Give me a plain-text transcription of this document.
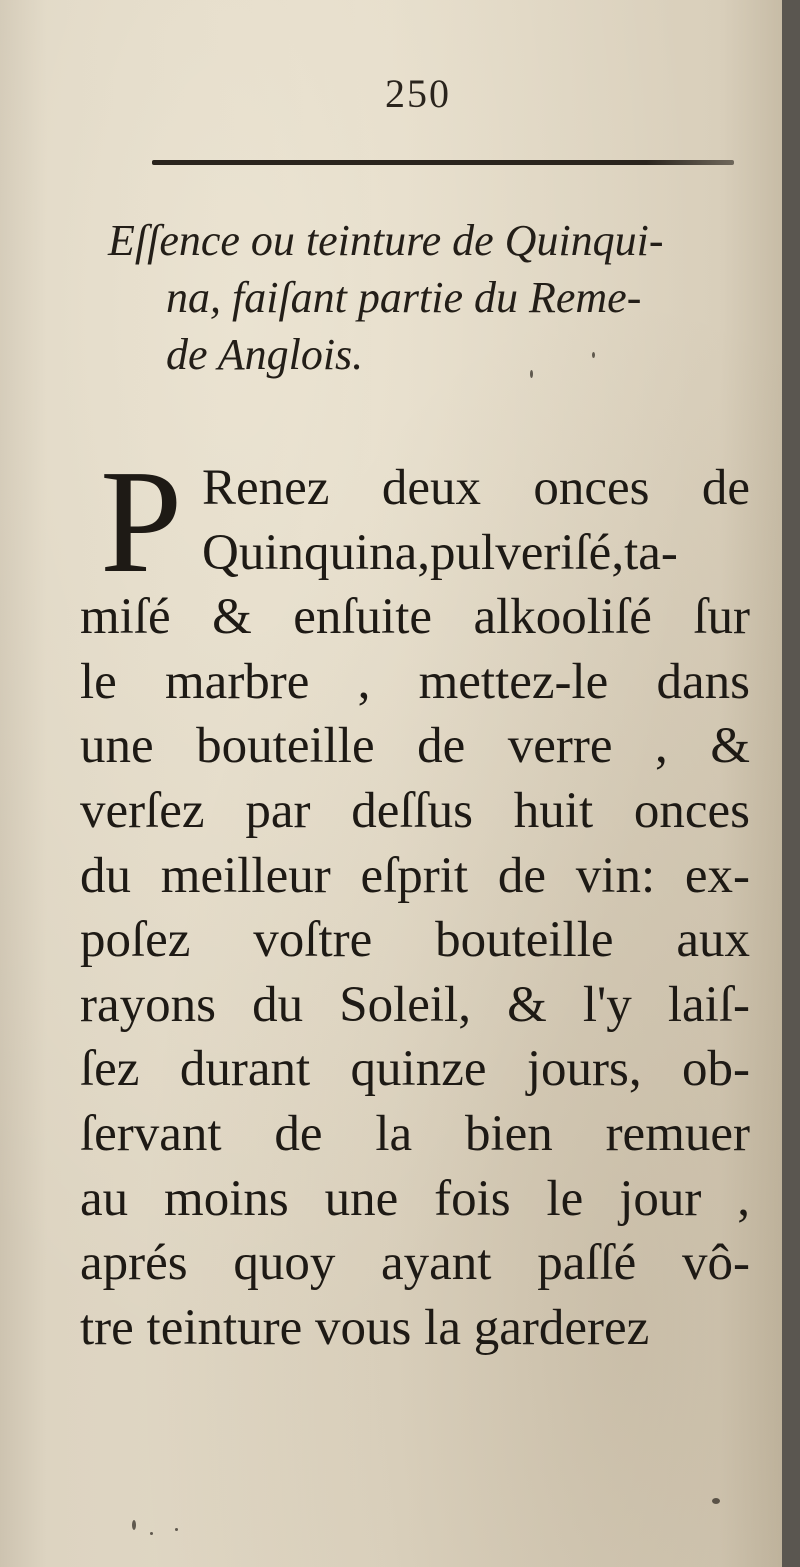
250
Eſſence ou teinture de Quinqui-
na, faiſant partie du Reme-
de Anglois.
P Renez deux onces de
Quinquina,pulveriſé,ta-
miſé & enſuite alkooliſé ſur
le marbre , mettez-le dans
une bouteille de verre , &
verſez par deſſus huit onces
du meilleur eſprit de vin: ex-
poſez voſtre bouteille aux
rayons du Soleil, & l'y laiſ-
ſez durant quinze jours, ob-
ſervant de la bien remuer
au moins une fois le jour ,
aprés quoy ayant paſſé vô-
tre teinture vous la garderez
